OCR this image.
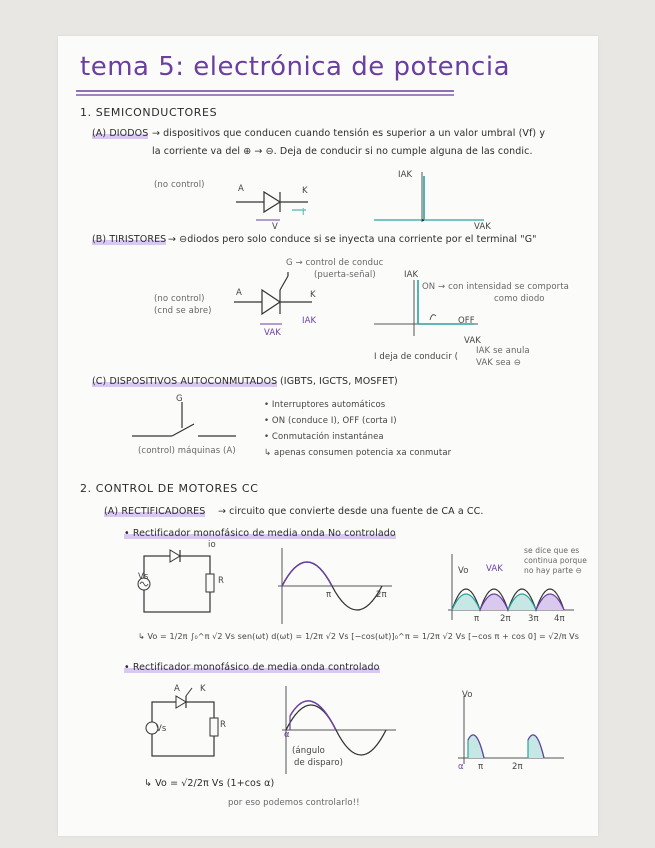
tema 5: electrónica de potencia
1. SEMICONDUCTORES
(A) DIODOS → dispositivos que conducen cuando tensión es superior a un valor umbral (Vf) y
la corriente va del ⊕ → ⊖. Deja de conducir si no cumple alguna de las condic.
(no control)	A	K
V
i
IAK
VAK
(B) TIRISTORES → ⊖diodos pero solo conduce si se inyecta una corriente por el terminal "G"
G → control de conduc
(puerta-señal)
(no control)
(cnd se abre)
A	K
IAK
VAK
IAK
ON → con intensidad se comporta
como diodo
OFF
VAK
I deja de conducir (
IAK se anula
VAK sea ⊖
(C) DISPOSITIVOS AUTOCONMUTADOS (IGBTS, IGCTS, MOSFET)
G
(control) máquinas (A)
• Interruptores automáticos
• ON (conduce I), OFF (corta I)
• Conmutación instantánea
↳ apenas consumen potencia xa conmutar
2. CONTROL DE MOTORES CC
(A) RECTIFICADORES → circuito que convierte desde una fuente de CA a CC.
• Rectificador monofásico de media onda No controlado
Vs	R
io
π	2π
Vo VAK
π 2π 3π 4π
se dice que es
continua porque
no hay parte ⊖
↳ Vo = 1/2π ∫₀^π √2 Vs sen(ωt) d(ωt) = 1/2π √2 Vs [−cos(ωt)]₀^π = 1/2π √2 Vs [−cos π + cos 0] = √2/π Vs
• Rectificador monofásico de media onda controlado
A K
Vs	R
α
(ángulo
de disparo)
Vo
α π	2π
↳ Vo = √2/2π Vs (1+cos α)
por eso podemos controlarlo!!
